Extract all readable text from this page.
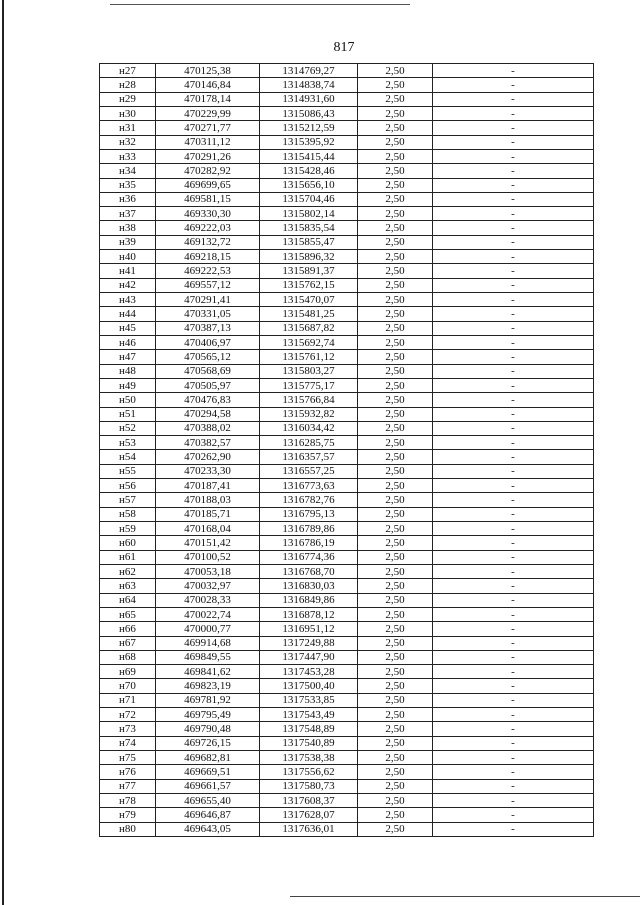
817
н27	470125,38	1314769,27	2,50	-
н28	470146,84	1314838,74	2,50	-
н29	470178,14	1314931,60	2,50	-
н30	470229,99	1315086,43	2,50	-
н31	470271,77	1315212,59	2,50	-
н32	470311,12	1315395,92	2,50	-
н33	470291,26	1315415,44	2,50	-
н34	470282,92	1315428,46	2,50	-
н35	469699,65	1315656,10	2,50	-
н36	469581,15	1315704,46	2,50	-
н37	469330,30	1315802,14	2,50	-
н38	469222,03	1315835,54	2,50	-
н39	469132,72	1315855,47	2,50	-
н40	469218,15	1315896,32	2,50	-
н41	469222,53	1315891,37	2,50	-
н42	469557,12	1315762,15	2,50	-
н43	470291,41	1315470,07	2,50	-
н44	470331,05	1315481,25	2,50	-
н45	470387,13	1315687,82	2,50	-
н46	470406,97	1315692,74	2,50	-
н47	470565,12	1315761,12	2,50	-
н48	470568,69	1315803,27	2,50	-
н49	470505,97	1315775,17	2,50	-
н50	470476,83	1315766,84	2,50	-
н51	470294,58	1315932,82	2,50	-
н52	470388,02	1316034,42	2,50	-
н53	470382,57	1316285,75	2,50	-
н54	470262,90	1316357,57	2,50	-
н55	470233,30	1316557,25	2,50	-
н56	470187,41	1316773,63	2,50	-
н57	470188,03	1316782,76	2,50	-
н58	470185,71	1316795,13	2,50	-
н59	470168,04	1316789,86	2,50	-
н60	470151,42	1316786,19	2,50	-
н61	470100,52	1316774,36	2,50	-
н62	470053,18	1316768,70	2,50	-
н63	470032,97	1316830,03	2,50	-
н64	470028,33	1316849,86	2,50	-
н65	470022,74	1316878,12	2,50	-
н66	470000,77	1316951,12	2,50	-
н67	469914,68	1317249,88	2,50	-
н68	469849,55	1317447,90	2,50	-
н69	469841,62	1317453,28	2,50	-
н70	469823,19	1317500,40	2,50	-
н71	469781,92	1317533,85	2,50	-
н72	469795,49	1317543,49	2,50	-
н73	469790,48	1317548,89	2,50	-
н74	469726,15	1317540,89	2,50	-
н75	469682,81	1317538,38	2,50	-
н76	469669,51	1317556,62	2,50	-
н77	469661,57	1317580,73	2,50	-
н78	469655,40	1317608,37	2,50	-
н79	469646,87	1317628,07	2,50	-
н80	469643,05	1317636,01	2,50	-
